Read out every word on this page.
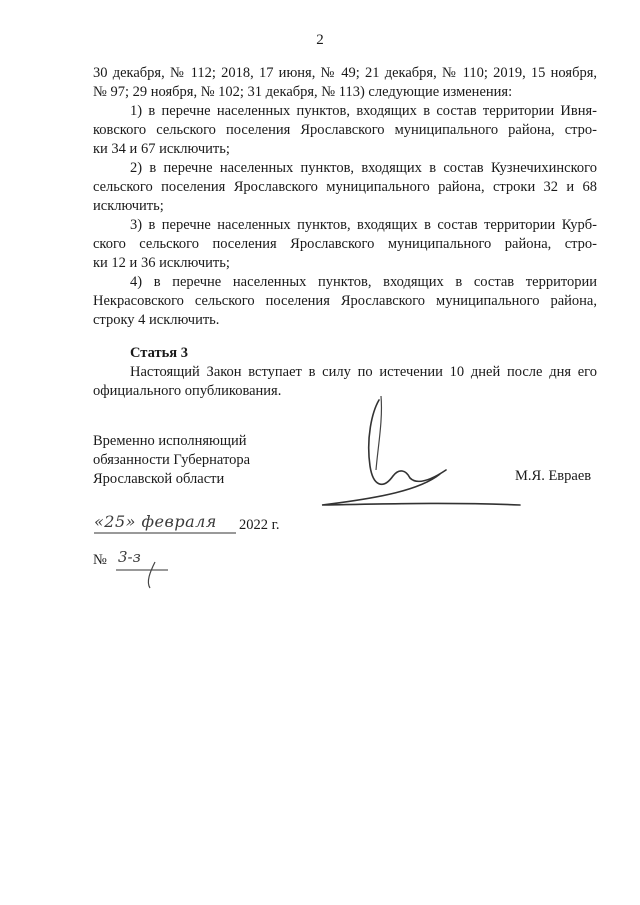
2
30 декабря, № 112; 2018, 17 июня, № 49; 21 декабря, № 110; 2019, 15 ноября,
№ 97; 29 ноября, № 102; 31 декабря, № 113) следующие изменения:
1) в перечне населенных пунктов, входящих в состав территории Ивня-
ковского сельского поселения Ярославского муниципального района, стро-
ки 34 и 67 исключить;
2) в перечне населенных пунктов, входящих в состав Кузнечихинского
сельского поселения Ярославского муниципального района, строки 32 и 68
исключить;
3) в перечне населенных пунктов, входящих в состав территории Курб-
ского сельского поселения Ярославского муниципального района, стро-
ки 12 и 36 исключить;
4) в перечне населенных пунктов, входящих в состав территории
Некрасовского сельского поселения Ярославского муниципального района,
строку 4 исключить.
Статья 3
Настоящий Закон вступает в силу по истечении 10 дней после дня его
официального опубликования.
Временно исполняющий
обязанности Губернатора
Ярославской области	М.Я. Евраев
«25» февраля 2022 г.
№ 3-з
